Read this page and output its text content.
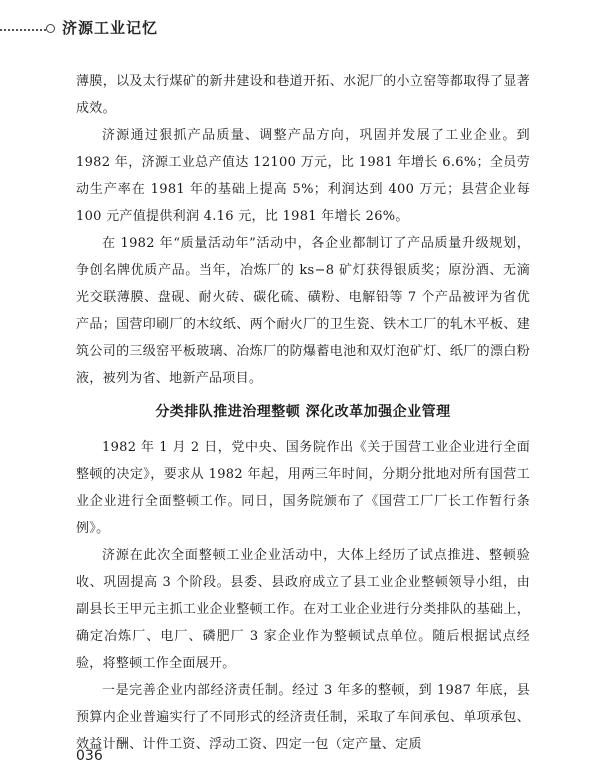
济源工业记忆

薄膜，以及太行煤矿的新井建设和巷道开拓、水泥厂的小立窑等都取得了显著成效。

济源通过狠抓产品质量、调整产品方向，巩固并发展了工业企业。到 1982 年，济源工业总产值达 12100 万元，比 1981 年增长 6.6%；全员劳动生产率在 1981 年的基础上提高 5%；利润达到 400 万元；县营企业每 100 元产值提供利润 4.16 元，比 1981 年增长 26%。

在 1982 年“质量活动年”活动中，各企业都制订了产品质量升级规划，争创名牌优质产品。当年，冶炼厂的 ks−8 矿灯获得银质奖；原汾酒、无滴光交联薄膜、盘砚、耐火砖、碳化硫、磺粉、电解铅等 7 个产品被评为省优产品；国营印刷厂的木纹纸、两个耐火厂的卫生瓷、铁木工厂的轧木平板、建筑公司的三级窑平板玻璃、冶炼厂的防爆蓄电池和双灯泡矿灯、纸厂的漂白粉液，被列为省、地新产品项目。

分类排队推进治理整顿 深化改革加强企业管理

1982 年 1 月 2 日，党中央、国务院作出《关于国营工业企业进行全面整顿的决定》，要求从 1982 年起，用两三年时间，分期分批地对所有国营工业企业进行全面整顿工作。同日，国务院颁布了《国营工厂厂长工作暂行条例》。

济源在此次全面整顿工业企业活动中，大体上经历了试点推进、整顿验收、巩固提高 3 个阶段。县委、县政府成立了县工业企业整顿领导小组，由副县长王甲元主抓工业企业整顿工作。在对工业企业进行分类排队的基础上，确定冶炼厂、电厂、磷肥厂 3 家企业作为整顿试点单位。随后根据试点经验，将整顿工作全面展开。

一是完善企业内部经济责任制。经过 3 年多的整顿，到 1987 年底，县预算内企业普遍实行了不同形式的经济责任制，采取了车间承包、单项承包、效益计酬、计件工资、浮动工资、四定一包（定产量、定质

036
